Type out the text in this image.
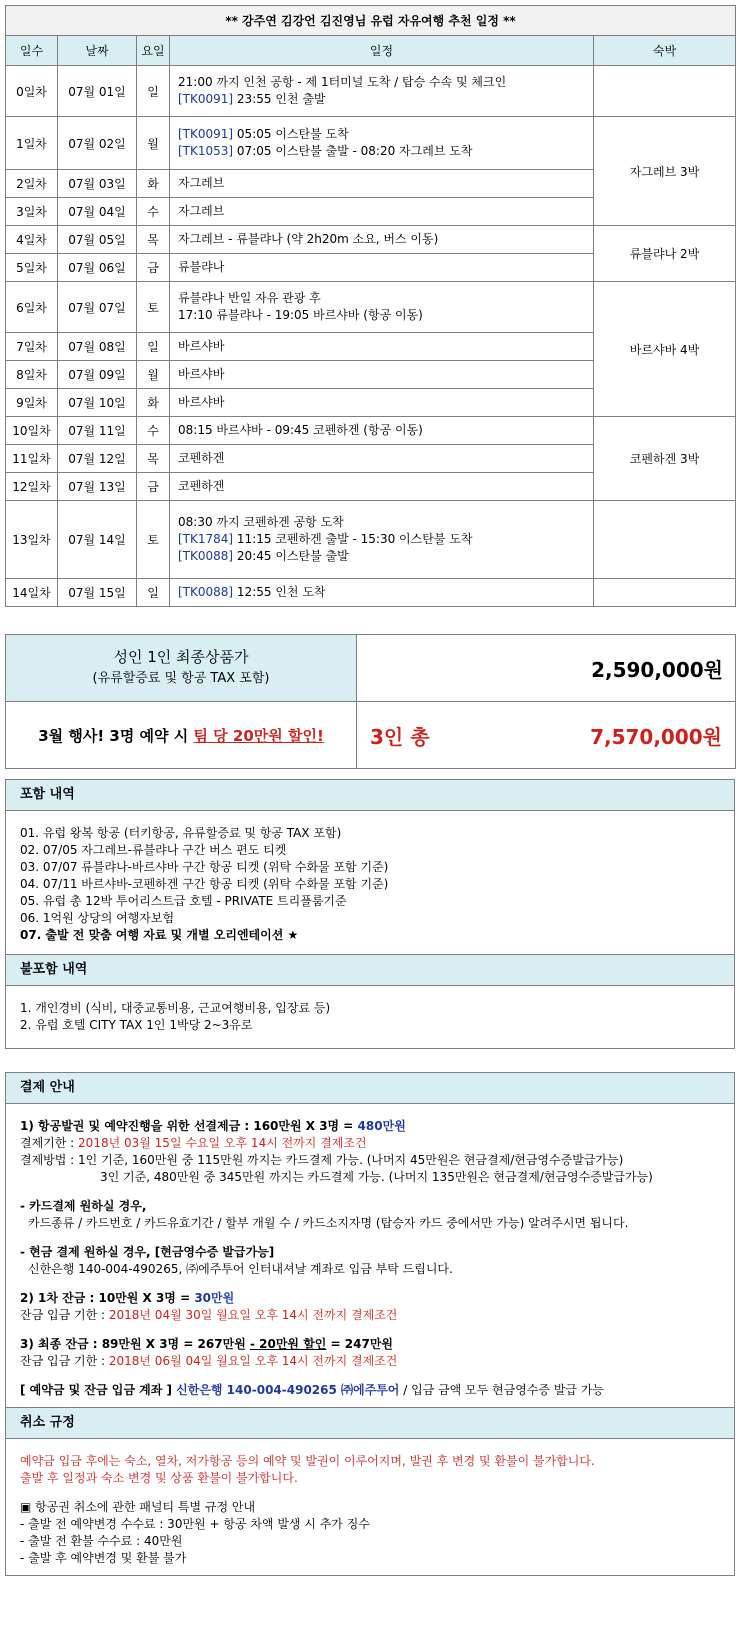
** 강주연 김강언 김진영님 유럽 자유여행 추천 일정 **				
일수	날짜	요일	일정	숙박
0일차	07월 01일	일	21:00 까지 인천 공항 - 제 1터미널 도착 / 탑승 수속 및 체크인
[TK0091] 23:55 인천 출발	

1일차	07월 02일	월	[TK0091] 05:05 이스탄불 도착
[TK1053] 07:05 이스탄불 출발 - 08:20 자그레브 도착	자그레브 3박
2일차	07월 03일	화	자그레브	

3일차	07월 04일	수	자그레브	

4일차	07월 05일	목	자그레브 - 류블랴나 (약 2h20m 소요, 버스 이동)	류블랴나 2박
5일차	07월 06일	금	류블랴나	

6일차	07월 07일	토	류블랴나 반일 자유 관광 후
17:10 류블랴나 - 19:05 바르샤바 (항공 이동)	바르샤바 4박
7일차	07월 08일	일	바르샤바	

8일차	07월 09일	월	바르샤바	

9일차	07월 10일	화	바르샤바	

10일차	07월 11일	수	08:15 바르샤바 - 09:45 코펜하겐 (항공 이동)	코펜하겐 3박
11일차	07월 12일	목	코펜하겐	

12일차	07월 13일	금	코펜하겐	

13일차	07월 14일	토	08:30 까지 코펜하겐 공항 도착
[TK1784] 11:15 코펜하겐 출발 - 15:30 이스탄불 도착
[TK0088] 20:45 이스탄불 출발	

14일차	07월 15일	일	[TK0088] 12:55 인천 도착	

성인 1인 최종상품가
(유류할증료 및 항공 TAX 포함)	2,590,000원
3월 행사! 3명 예약 시 팀 당 20만원 할인!	3인 총 7,570,000원
포함 내역
01. 유럽 왕복 항공 (터키항공, 유류할증료 및 항공 TAX 포함)
02. 07/05 자그레브-류블랴나 구간 버스 편도 티켓
03. 07/07 류블랴나-바르샤바 구간 항공 티켓 (위탁 수화물 포함 기준)
04. 07/11 바르샤바-코펜하겐 구간 항공 티켓 (위탁 수화물 포함 기준)
05. 유럽 총 12박 투어리스트급 호텔 - PRIVATE 트리플룸기준
06. 1억원 상당의 여행자보험
07. 출발 전 맞춤 여행 자료 및 개별 오리엔테이션 ★
불포함 내역
1. 개인경비 (식비, 대중교통비용, 근교여행비용, 입장료 등)
2. 유럽 호텔 CITY TAX 1인 1박당 2~3유로
결제 안내
1) 항공발권 및 예약진행을 위한 선결제금 : 160만원 X 3명 = 480만원
결제기한 : 2018년 03월 15일 수요일 오후 14시 전까지 결제조건
결제방법 : 1인 기준, 160만원 중 115만원 까지는 카드결제 가능. (나머지 45만원은 현금결제/현금영수증발급가능)
3인 기준, 480만원 중 345만원 까지는 카드결제 가능. (나머지 135만원은 현금결제/현금영수증발급가능)
- 카드결제 원하실 경우,
카드종류 / 카드번호 / 카드유효기간 / 할부 개월 수 / 카드소지자명 (탑승자 카드 중에서만 가능) 알려주시면 됩니다.
- 현금 결제 원하실 경우, [현금영수증 발급가능]
신한은행 140-004-490265, ㈜에주투어 인터내셔날 계좌로 입금 부탁 드립니다.
2) 1차 잔금 : 10만원 X 3명 = 30만원
잔금 입금 기한 : 2018년 04월 30일 월요일 오후 14시 전까지 결제조건
3) 최종 잔금 : 89만원 X 3명 = 267만원 - 20만원 할인 = 247만원
잔금 입금 기한 : 2018년 06월 04일 월요일 오후 14시 전까지 결제조건
[ 예약금 및 잔금 입금 계좌 ] 신한은행 140-004-490265 ㈜에주투어 / 입금 금액 모두 현금영수증 발급 가능
취소 규정
예약금 입금 후에는 숙소, 열차, 저가항공 등의 예약 및 발권이 이루어지며, 발권 후 변경 및 환불이 불가합니다.
출발 후 일정과 숙소 변경 및 상품 환불이 불가합니다.
▣ 항공권 취소에 관한 패널티 특별 규정 안내
- 출발 전 예약변경 수수료 : 30만원 + 항공 차액 발생 시 추가 징수
- 출발 전 환불 수수료 : 40만원
- 출발 후 예약변경 및 환불 불가
